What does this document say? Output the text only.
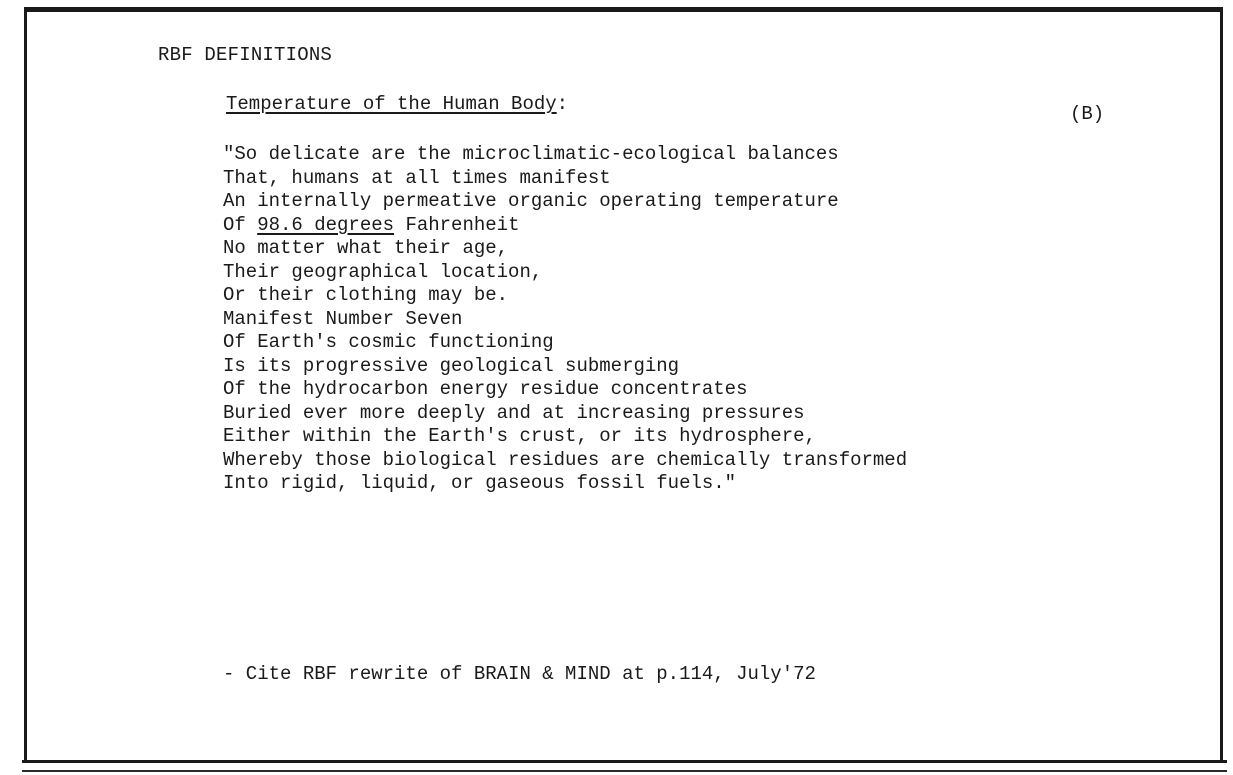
RBF DEFINITIONS
Temperature of the Human Body:	(B)
"So delicate are the microclimatic-ecological balances
That, humans at all times manifest
An internally permeative organic operating temperature
Of 98.6 degrees Fahrenheit
No matter what their age,
Their geographical location,
Or their clothing may be.
Manifest Number Seven
Of Earth's cosmic functioning
Is its progressive geological submerging
Of the hydrocarbon energy residue concentrates
Buried ever more deeply and at increasing pressures
Either within the Earth's crust, or its hydrosphere,
Whereby those biological residues are chemically transformed
Into rigid, liquid, or gaseous fossil fuels."
- Cite RBF rewrite of BRAIN & MIND at p.114, July'72
